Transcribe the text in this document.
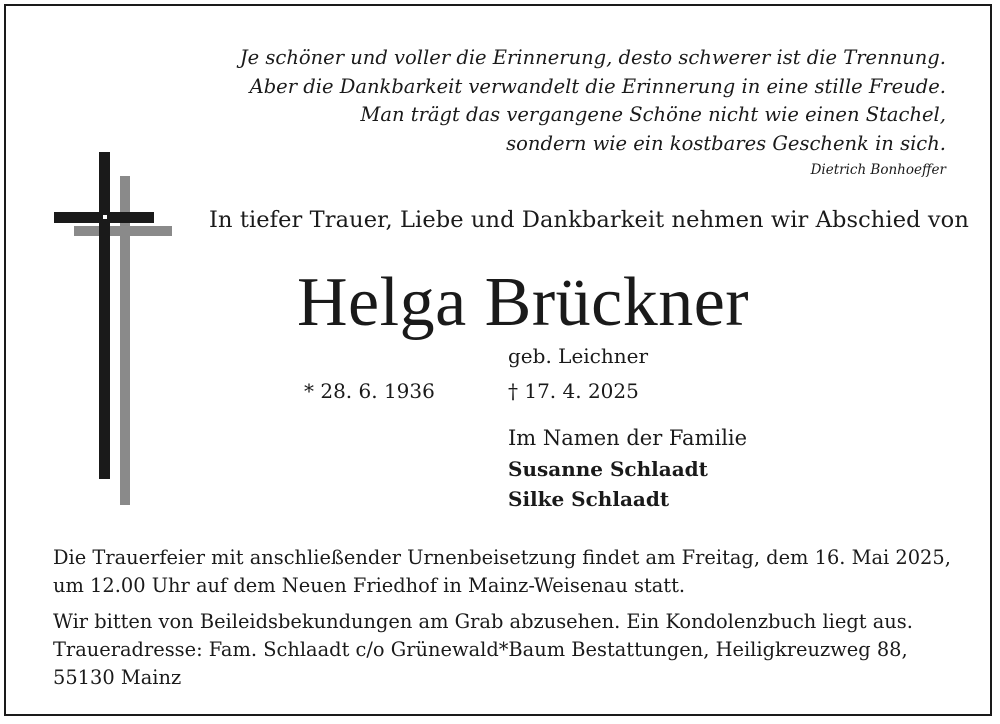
Je schöner und voller die Erinnerung, desto schwerer ist die Trennung.
Aber die Dankbarkeit verwandelt die Erinnerung in eine stille Freude.
Man trägt das vergangene Schöne nicht wie einen Stachel,
sondern wie ein kostbares Geschenk in sich.
Dietrich Bonhoeffer
In tiefer Trauer, Liebe und Dankbarkeit nehmen wir Abschied von
Helga Brückner
geb. Leichner
* 28. 6. 1936	† 17. 4. 2025
Im Namen der Familie
Susanne Schlaadt
Silke Schlaadt
Die Trauerfeier mit anschließender Urnenbeisetzung findet am Freitag, dem 16. Mai 2025,
um 12.00 Uhr auf dem Neuen Friedhof in Mainz-Weisenau statt.
Wir bitten von Beileidsbekundungen am Grab abzusehen. Ein Kondolenzbuch liegt aus.
Traueradresse: Fam. Schlaadt c/o Grünewald*Baum Bestattungen, Heiligkreuzweg 88,
55130 Mainz
